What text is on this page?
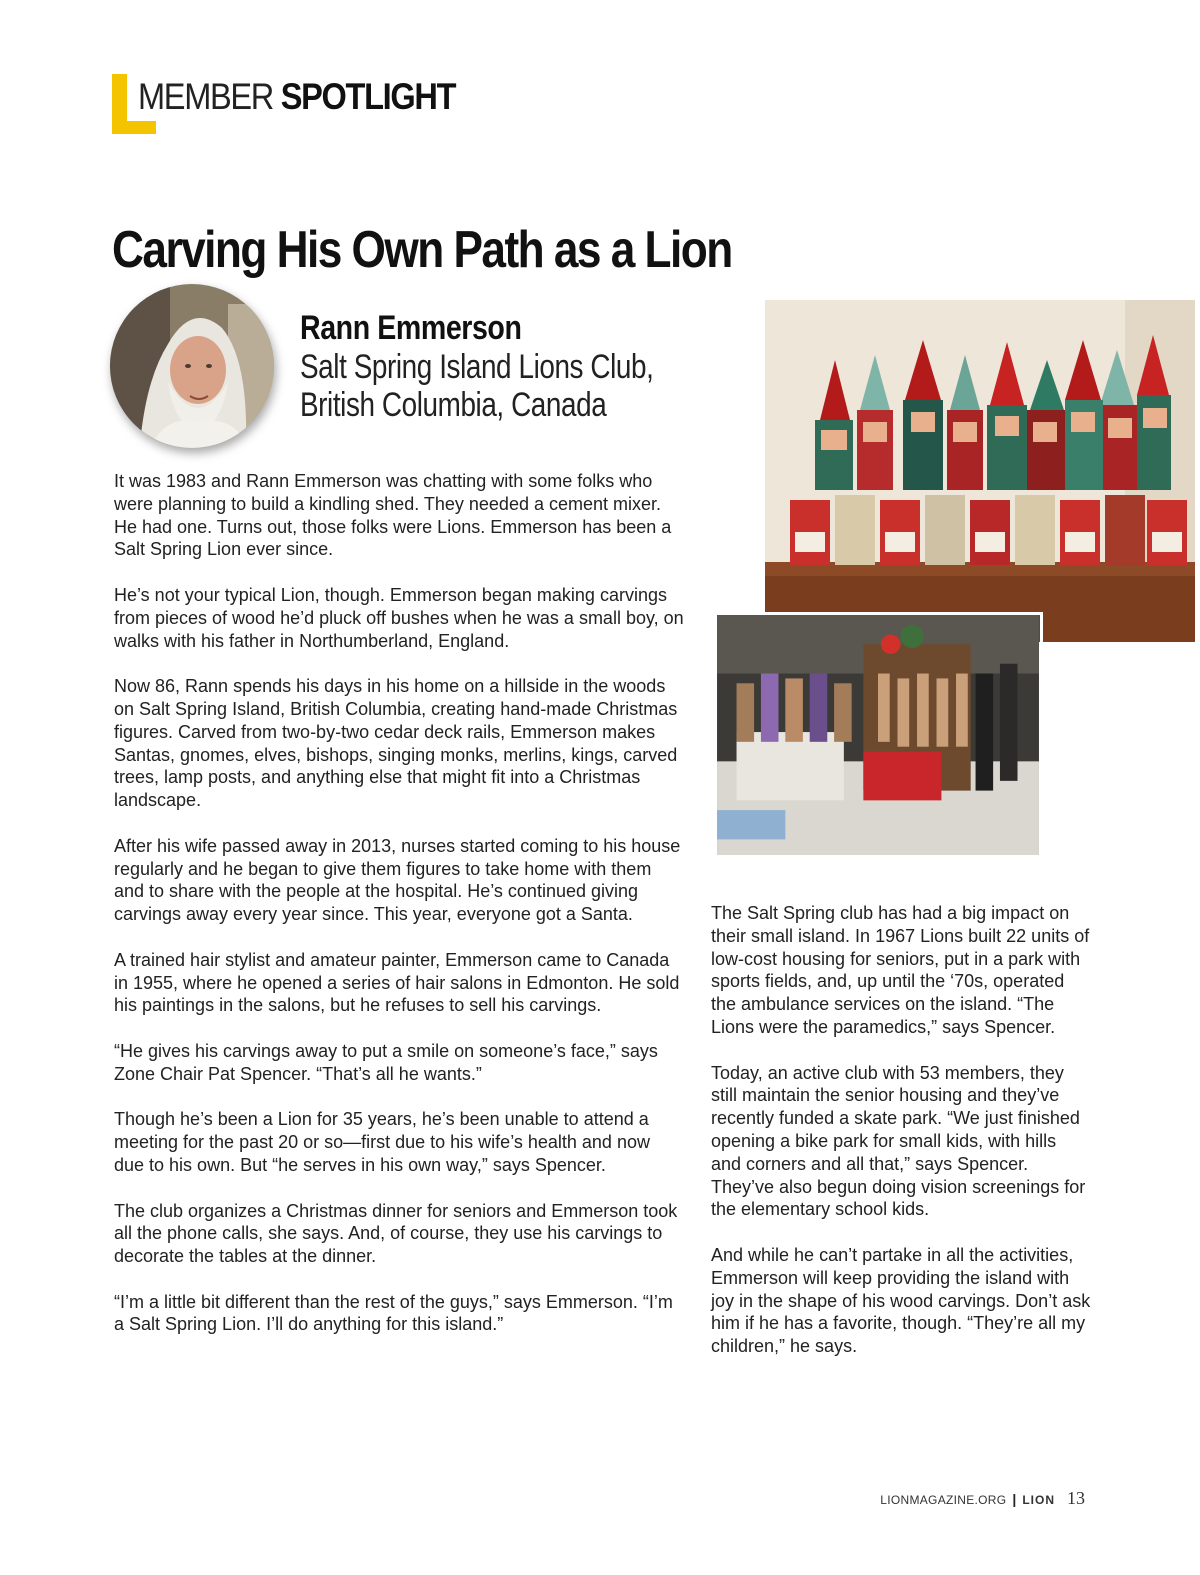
MEMBER SPOTLIGHT
Carving His Own Path as a Lion
Rann Emmerson
Salt Spring Island Lions Club,
British Columbia, Canada

It was 1983 and Rann Emmerson was chatting with some folks who were planning to build a kindling shed. They needed a cement mixer. He had one. Turns out, those folks were Lions. Emmerson has been a Salt Spring Lion ever since.

He’s not your typical Lion, though. Emmerson began making carvings from pieces of wood he’d pluck off bushes when he was a small boy, on walks with his father in Northumberland, England.

Now 86, Rann spends his days in his home on a hillside in the woods on Salt Spring Island, British Columbia, creating hand-made Christmas figures. Carved from two-by-two cedar deck rails, Emmerson makes Santas, gnomes, elves, bishops, singing monks, merlins, kings, carved trees, lamp posts, and anything else that might fit into a Christmas landscape.

After his wife passed away in 2013, nurses started coming to his house regularly and he began to give them figures to take home with them and to share with the people at the hospital. He’s continued giving carvings away every year since. This year, everyone got a Santa.

A trained hair stylist and amateur painter, Emmerson came to Canada in 1955, where he opened a series of hair salons in Edmonton. He sold his paintings in the salons, but he refuses to sell his carvings.

“He gives his carvings away to put a smile on someone’s face,” says Zone Chair Pat Spencer. “That’s all he wants.”

Though he’s been a Lion for 35 years, he’s been unable to attend a meeting for the past 20 or so—first due to his wife’s health and now due to his own. But “he serves in his own way,” says Spencer.

The club organizes a Christmas dinner for seniors and Emmerson took all the phone calls, she says. And, of course, they use his carvings to decorate the tables at the dinner.

“I’m a little bit different than the rest of the guys,” says Emmerson. “I’m a Salt Spring Lion. I’ll do anything for this island.”

The Salt Spring club has had a big impact on their small island. In 1967 Lions built 22 units of low-cost housing for seniors, put in a park with sports fields, and, up until the ‘70s, operated the ambulance services on the island. “The Lions were the paramedics,” says Spencer.

Today, an active club with 53 members, they still maintain the senior housing and they’ve recently funded a skate park. “We just finished opening a bike park for small kids, with hills and corners and all that,” says Spencer. They’ve also begun doing vision screenings for the elementary school kids.

And while he can’t partake in all the activities, Emmerson will keep providing the island with joy in the shape of his wood carvings. Don’t ask him if he has a favorite, though. “They’re all my children,” he says.

LIONMAGAZINE.ORG | LION 13
